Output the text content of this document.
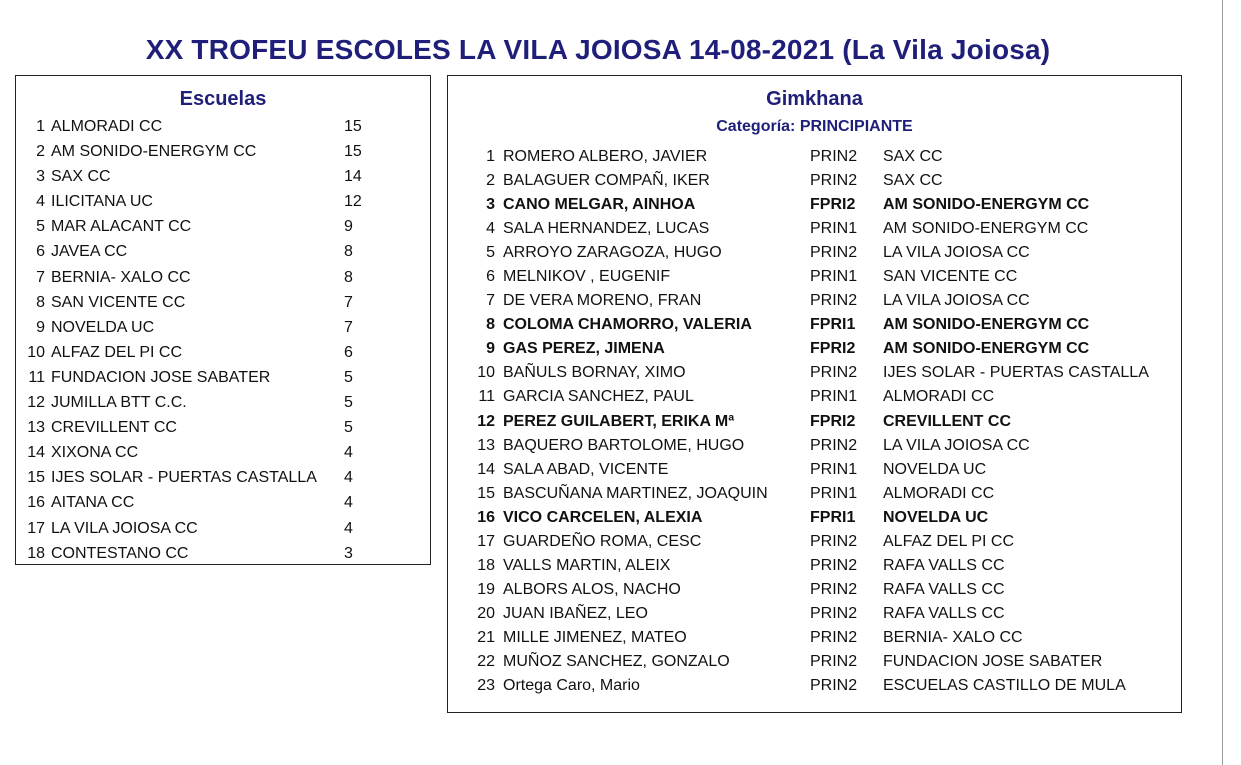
XX TROFEU ESCOLES LA VILA JOIOSA 14-08-2021 (La Vila Joiosa)
Escuelas
1 ALMORADI CC	15
2 AM SONIDO-ENERGYM CC	15
3 SAX CC	14
4 ILICITANA UC	12
5 MAR ALACANT CC	9
6 JAVEA CC	8
7 BERNIA- XALO CC	8
8 SAN VICENTE CC	7
9 NOVELDA UC	7
10 ALFAZ DEL PI CC	6
11 FUNDACION JOSE SABATER	5
12 JUMILLA BTT C.C.	5
13 CREVILLENT CC	5
14 XIXONA CC	4
15 IJES SOLAR - PUERTAS CASTALLA 4
16 AITANA CC	4
17 LA VILA JOIOSA CC	4
18 CONTESTANO CC	3
Gimkhana
Categoría: PRINCIPIANTE
1 ROMERO ALBERO, JAVIER	PRIN2 SAX CC
2 BALAGUER COMPAÑ, IKER	PRIN2 SAX CC
3 CANO MELGAR, AINHOA	FPRI2 AM SONIDO-ENERGYM CC
4 SALA HERNANDEZ, LUCAS	PRIN1 AM SONIDO-ENERGYM CC
5 ARROYO ZARAGOZA, HUGO	PRIN2 LA VILA JOIOSA CC
6 MELNIKOV , EUGENIF	PRIN1 SAN VICENTE CC
7 DE VERA MORENO, FRAN	PRIN2 LA VILA JOIOSA CC
8 COLOMA CHAMORRO, VALERIA	FPRI1 AM SONIDO-ENERGYM CC
9 GAS PEREZ, JIMENA	FPRI2 AM SONIDO-ENERGYM CC
10 BAÑULS BORNAY, XIMO	PRIN2 IJES SOLAR - PUERTAS CASTALLA
11 GARCIA SANCHEZ, PAUL	PRIN1 ALMORADI CC
12 PEREZ GUILABERT, ERIKA Mª	FPRI2 CREVILLENT CC
13 BAQUERO BARTOLOME, HUGO	PRIN2 LA VILA JOIOSA CC
14 SALA ABAD, VICENTE	PRIN1 NOVELDA UC
15 BASCUÑANA MARTINEZ, JOAQUIN	PRIN1 ALMORADI CC
16 VICO CARCELEN, ALEXIA	FPRI1 NOVELDA UC
17 GUARDEÑO ROMA, CESC	PRIN2 ALFAZ DEL PI CC
18 VALLS MARTIN, ALEIX	PRIN2 RAFA VALLS CC
19 ALBORS ALOS, NACHO	PRIN2 RAFA VALLS CC
20 JUAN IBAÑEZ, LEO	PRIN2 RAFA VALLS CC
21 MILLE JIMENEZ, MATEO	PRIN2 BERNIA- XALO CC
22 MUÑOZ SANCHEZ, GONZALO	PRIN2 FUNDACION JOSE SABATER
23 Ortega Caro, Mario	PRIN2 ESCUELAS CASTILLO DE MULA
